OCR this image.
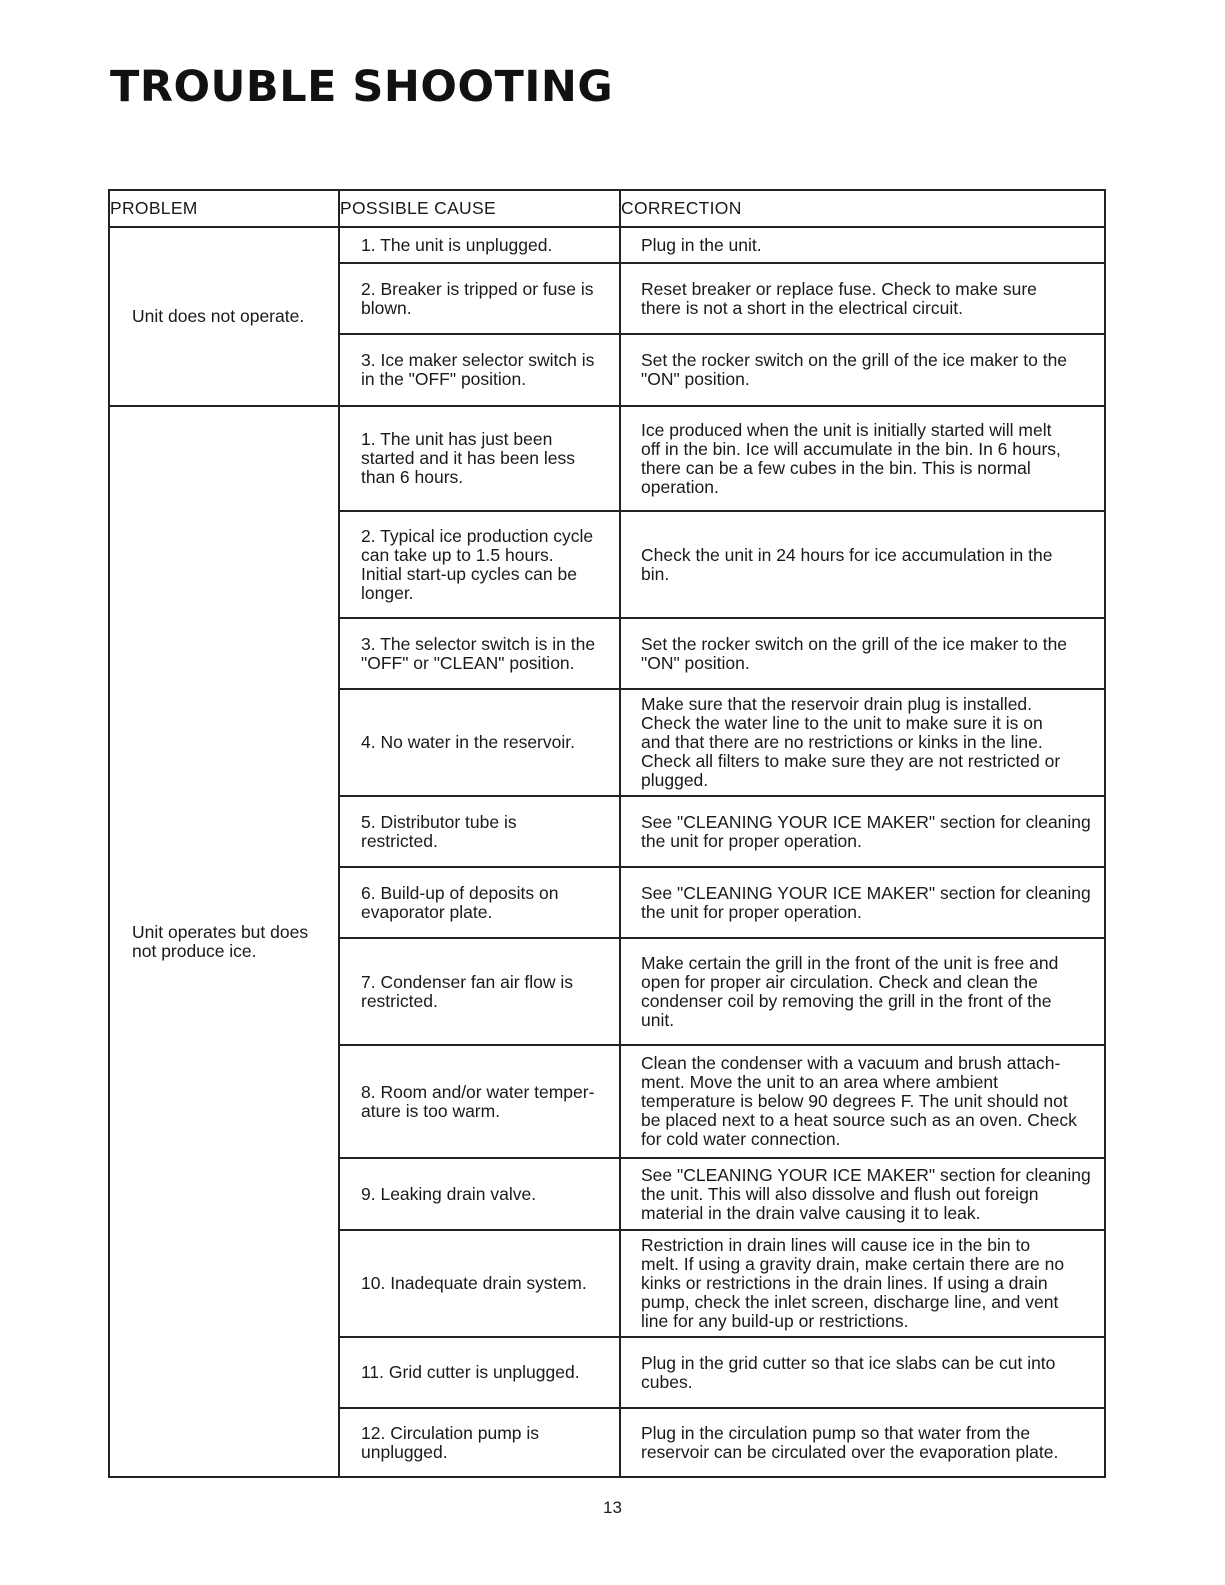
TROUBLE SHOOTING
PROBLEM	POSSIBLE CAUSE	CORRECTION

Unit does not operate.	1. The unit is unplugged.	Plug in the unit.

	2. Breaker is tripped or fuse is
blown.	Reset breaker or replace fuse. Check to make sure
there is not a short in the electrical circuit.

	3. Ice maker selector switch is
in the "OFF" position.	Set the rocker switch on the grill of the ice maker to the
"ON" position.

Unit operates but does
not produce ice.	1. The unit has just been
started and it has been less
than 6 hours.	Ice produced when the unit is initially started will melt
off in the bin. Ice will accumulate in the bin. In 6 hours,
there can be a few cubes in the bin. This is normal
operation.

	2. Typical ice production cycle
can take up to 1.5 hours.
Initial start-up cycles can be
longer.	Check the unit in 24 hours for ice accumulation in the
bin.

	3. The selector switch is in the
"OFF" or "CLEAN" position.	Set the rocker switch on the grill of the ice maker to the
"ON" position.

	4. No water in the reservoir.	Make sure that the reservoir drain plug is installed.
Check the water line to the unit to make sure it is on
and that there are no restrictions or kinks in the line.
Check all filters to make sure they are not restricted or
plugged.

	5. Distributor tube is
restricted.	See "CLEANING YOUR ICE MAKER" section for cleaning
the unit for proper operation.

	6. Build-up of deposits on
evaporator plate.	See "CLEANING YOUR ICE MAKER" section for cleaning
the unit for proper operation.

	7. Condenser fan air flow is
restricted.	Make certain the grill in the front of the unit is free and
open for proper air circulation. Check and clean the
condenser coil by removing the grill in the front of the
unit.

	8. Room and/or water temper-
ature is too warm.	Clean the condenser with a vacuum and brush attach-
ment. Move the unit to an area where ambient
temperature is below 90 degrees F. The unit should not
be placed next to a heat source such as an oven. Check
for cold water connection.

	9. Leaking drain valve.	See "CLEANING YOUR ICE MAKER" section for cleaning
the unit. This will also dissolve and flush out foreign
material in the drain valve causing it to leak.

	10. Inadequate drain system.	Restriction in drain lines will cause ice in the bin to
melt. If using a gravity drain, make certain there are no
kinks or restrictions in the drain lines. If using a drain
pump, check the inlet screen, discharge line, and vent
line for any build-up or restrictions.

	11. Grid cutter is unplugged.	Plug in the grid cutter so that ice slabs can be cut into
cubes.

	12. Circulation pump is
unplugged.	Plug in the circulation pump so that water from the
reservoir can be circulated over the evaporation plate.
13
